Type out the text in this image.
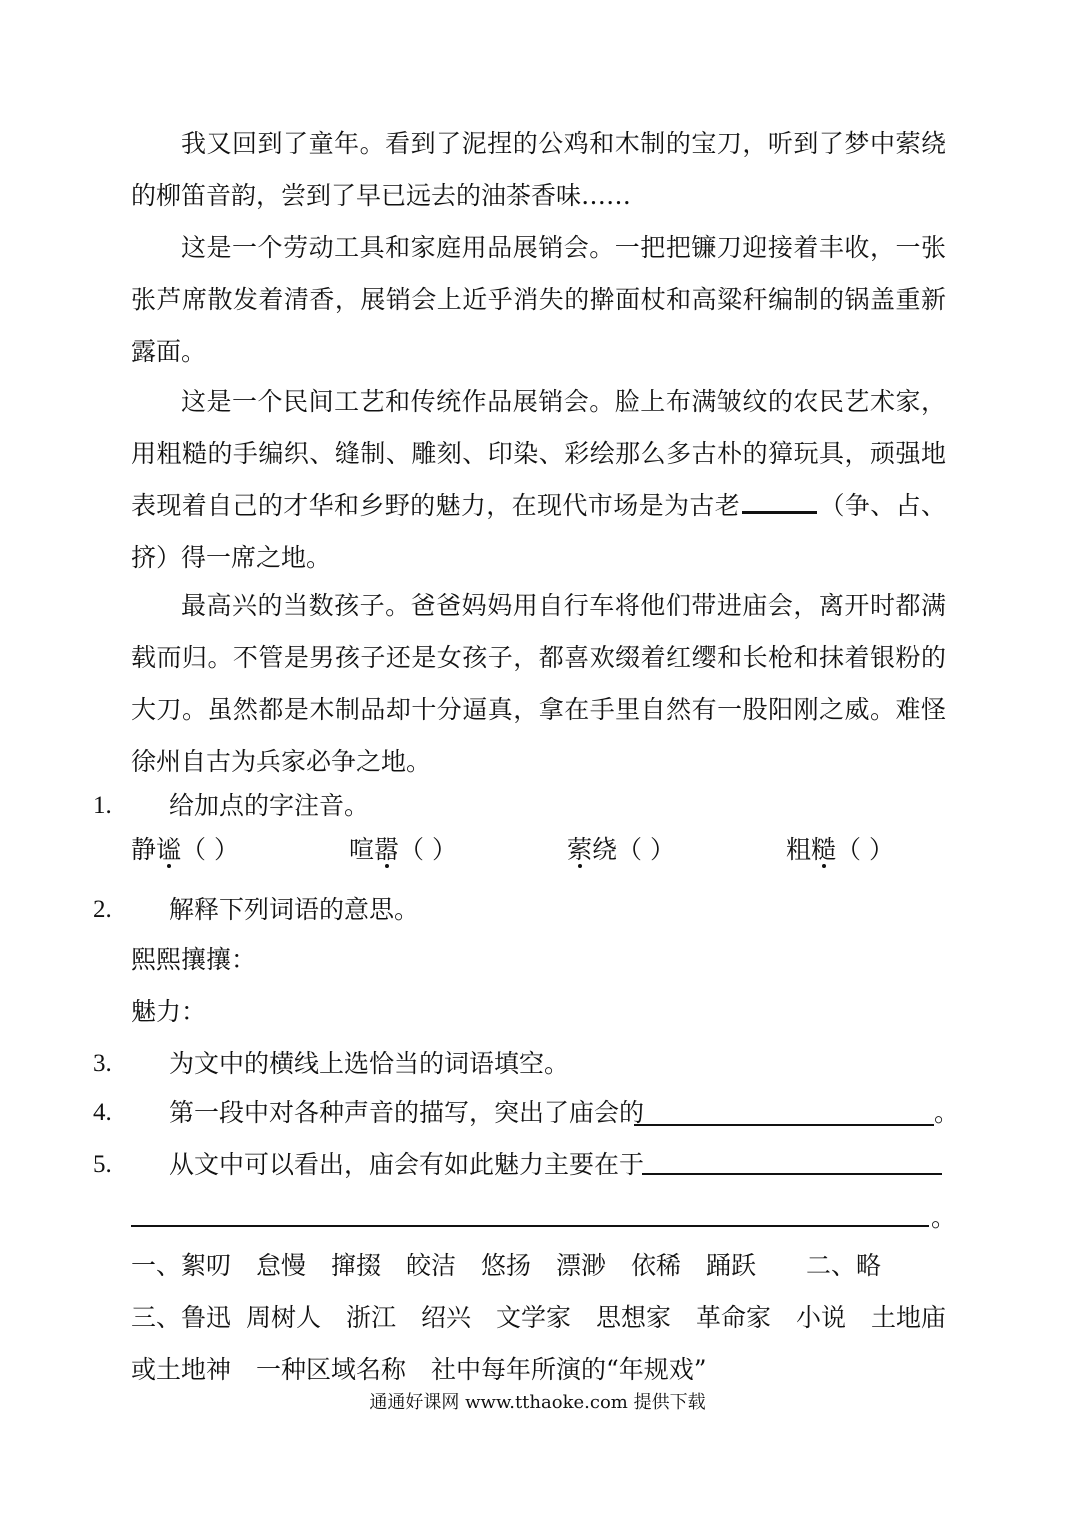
我又回到了童年。看到了泥捏的公鸡和木制的宝刀，听到了梦中萦绕的柳笛音韵，尝到了早已远去的油茶香味……

这是一个劳动工具和家庭用品展销会。一把把镰刀迎接着丰收，一张张芦席散发着清香，展销会上近乎消失的擀面杖和高粱秆编制的锅盖重新露面。

这是一个民间工艺和传统作品展销会。脸上布满皱纹的农民艺术家，用粗糙的手编织、缝制、雕刻、印染、彩绘那么多古朴的獐玩具，顽强地表现着自己的才华和乡野的魅力，在现代市场是为古老	（争、占、挤）得一席之地。

最高兴的当数孩子。爸爸妈妈用自行车将他们带进庙会，离开时都满载而归。不管是男孩子还是女孩子，都喜欢缀着红缨和长枪和抹着银粉的大刀。虽然都是木制品却十分逼真，拿在手里自然有一股阳刚之威。难怪徐州自古为兵家必争之地。

1. 给加点的字注音。
静谧（ ）	喧嚣（ ）	萦绕（ ）	粗糙（ ）
2. 解释下列词语的意思。
熙熙攘攘：
魅力：
3. 为文中的横线上选恰当的词语填空。
4. 第一段中对各种声音的描写，突出了庙会的	。
5. 从文中可以看出，庙会有如此魅力主要在于
。
一、絮叨 怠慢 撺掇 皎洁 悠扬 漂渺 依稀 踊跃 二、略
三、鲁迅 周树人 浙江 绍兴 文学家 思想家 革命家 小说 土地庙
或土地神 一种区域名称 社中每年所演的“年规戏”
通通好课网 www.tthaoke.com 提供下载
